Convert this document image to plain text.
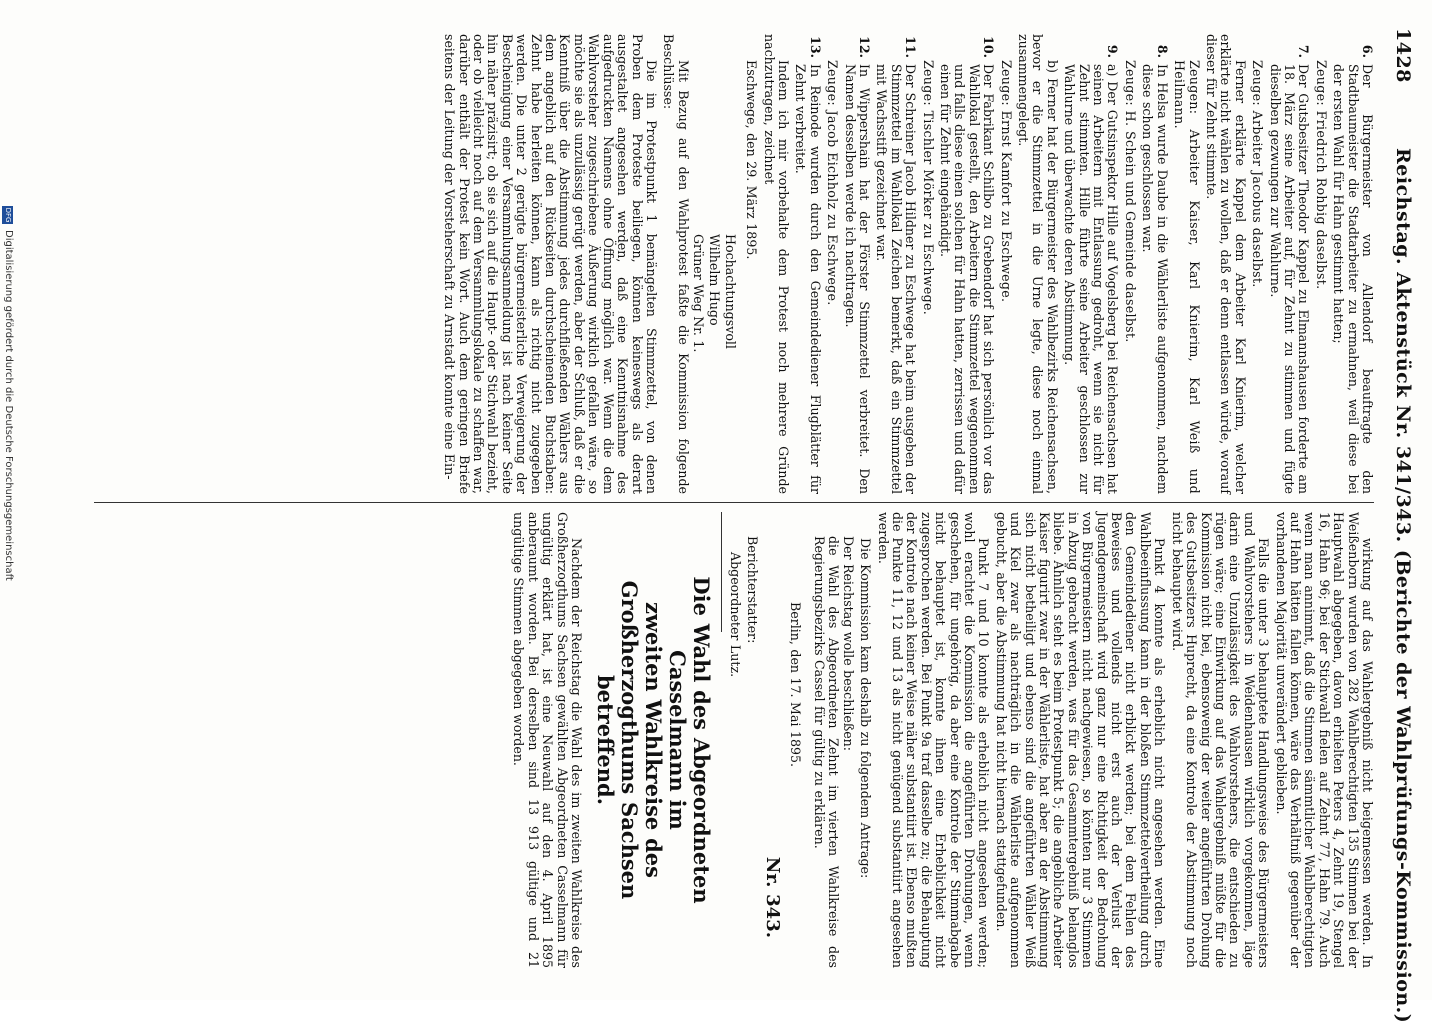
1428
Reichstag. Aktenstück Nr. 341/343. (Berichte der Wahlprüfungs-Kommission.)
6.

Der Bürgermeister von Allendorf beauftragte den Stadtbaumeister die Stadtarbeiter zu ermahnen, weil diese bei der ersten Wahl für Hahn gestimmt hatten;

Zeuge: Friedrich Rohbig daselbst.

7.

Der Gutsbesitzer Theodor Kappel zu Elmannshausen forderte am 18. März seine Arbeiter auf, für Zehnt zu stimmen und fügte dieselben gezwungen zur Wahlurne.

Zeuge: Arbeiter Jacobus daselbst.

Ferner erklärte Kappel dem Arbeiter Karl Knierim, welcher erklärte nicht wählen zu wollen, daß er denn entlassen würde, worauf dieser für Zehnt stimmte.

Zeugen: Arbeiter Kaiser, Karl Knierim, Karl Weiß und Heilmann.

8.

In Helsa wurde Daube in die Wählerliste aufgenommen, nachdem diese schon geschlossen war.

Zeuge: H. Schein und Gemeinde daselbst.

9.

a) Der Gutsinspektor Hille auf Vogelsberg bei Reichensachsen hat seinen Arbeitern mit Entlassung gedroht, wenn sie nicht für Zehnt stimmten. Hille führte seine Arbeiter geschlossen zur Wahlurne und überwachte deren Abstimmung.

b) Ferner hat der Bürgermeister des Wahlbezirks Reichensachsen, bevor er die Stimmzettel in die Urne legte, diese noch einmal zusammengelegt.

Zeuge: Ernst Kamfort zu Eschwege.

10.

Der Fabrikant Schilbo zu Grebendorf hat sich persönlich vor das Wahllokal gestellt, den Arbeitern die Stimmzettel weggenommen und falls diese einen solchen für Hahn hatten, zerrissen und dafür einen für Zehnt eingehändigt.

Zeuge: Tischler Mörker zu Eschwege.

11.

Der Schreiner Jacob Hildner zu Eschwege hat beim ausgeben der Stimmzettel im Wahllokal Zeichen bemerkt, daß ein Stimmzettel mit Wachsstift gezeichnet war.

12.

In Wippershain hat der Förster Stimmzettel verbreitet. Den Namen desselben werde ich nachtragen.

Zeuge: Jacob Eichholz zu Eschwege.

13.

In Reinode wurden durch den Gemeindediener Flugblätter für Zehnt verbreitet.

Indem ich mir vorbehalte dem Protest noch mehrere Gründe nachzutragen, zeichnet

Eschwege, den 29. März 1895.

Hochachtungsvoll
Wilhelm Hugo
Grüner Weg Nr. 1.

Mit Bezug auf den Wahlprotest faßte die Kommission folgende Beschlüsse:

Die im Protestpunkt 1 bemängelten Stimmzettel, von denen Proben dem Proteste beiliegen, können keineswegs als derart ausgestaltet angesehen werden, daß eine Kenntnisnahme des aufgedruckten Namens ohne Öffnung möglich war. Wenn die dem Wahlvorsteher zugeschriebene Äußerung wirklich gefallen wäre, so möchte sie als unzulässig gerügt werden, aber der Schluß, daß er die Kenntniß über die Abstimmung jedes durchfließenden Wählers aus dem angeblich auf den Rückseiten durchscheinenden Buchstaben: Zehnt habe herleiten können, kann als richtig nicht zugegeben werden. Die unter 2 gerügte bürgermeisterliche Verweigerung der Bescheinigung einer Versammlungsanmeldung ist nach keiner Seite hin näher präzisirt; ob sie sich auf die Haupt- oder Stichwahl bezieht, oder ob vielleicht noch auf dem Versammlungslokale zu schaffen war, darüber enthält der Protest kein Wort. Auch dem geringen Briefe seitens der Leitung der Vorsteherschaft zu Arnstadt konnte eine Ein-

wirkung auf das Wahlergebniß nicht beigemessen werden. In Weißenborn wurden von 282 Wahlberechtigten 135 Stimmen bei der Hauptwahl abgegeben, davon erhielten Peters 4, Zehnt 19, Stengel 16, Hahn 96; bei der Stichwahl fielen auf Zehnt 77, Hahn 79. Auch wenn man annimmt, daß die Stimmen sämmtlicher Wahlberechtigten auf Hahn hätten fallen können, wäre das Verhältniß gegenüber der vorhandenen Majorität unverändert geblieben.

Falls die unter 3 behauptete Handlungsweise des Bürgermeisters und Wahlvorstehers in Weidenhausen wirklich vorgekommen, läge darin eine Unzulässigkeit des Wahlvorstehers, die entschieden zu rügen wäre; eine Einwirkung auf das Wahlergebniß müßte für die Kommission nicht bei, ebensowenig der weiter angeführten Drohung des Gutsbesitzers Huprecht, da eine Kontrole der Abstimmung noch nicht behauptet wird.

Punkt 4 konnte als erheblich nicht angesehen werden. Eine Wahlbeeinflussung kann in der bloßen Stimmzettelvertheilung durch den Gemeindediener nicht erblickt werden; bei dem Fehlen des Beweises und vollends nicht erst auch der Verlust der Jugendgemeinschaft wird ganz nur eine Richtigkeit der Bedrohung von Bürgermeistern nicht nachgewiesen, so könnten nur 3 Stimmen in Abzug gebracht werden, was für das Gesammtergebniß belanglos bliebe. Ähnlich steht es beim Protestpunkt 5; die angebliche Arbeiter Kaiser figurirt zwar in der Wählerliste, hat aber an der Abstimmung sich nicht betheiligt und ebenso sind die angeführten Wähler Weiß und Kiel zwar als nachträglich in die Wählerliste aufgenommen gebucht, aber die Abstimmung hat nicht hiernach stattgefunden.

Punkt 7 und 10 konnte als erheblich nicht angesehen werden; wohl erachtet die Kommission die angeführten Drohungen, wenn geschehen, für ungehörig, da aber eine Kontrole der Stimmabgabe nicht behauptet ist, konnte ihnen eine Erheblichkeit nicht zugesprochen werden. Bei Punkt 9a traf dasselbe zu; die Behauptung der Kontrole nach keiner Weise näher substantiirt ist. Ebenso mußten die Punkte 11, 12 und 13 als nicht genügend substantiirt angesehen werden.

Die Kommission kam deshalb zu folgendem Antrage:

Der Reichstag wolle beschließen:
die Wahl des Abgeordneten Zehnt im vierten Wahlkreise des Regierungsbezirks Cassel für gültig zu erklären.

Berlin, den 17. Mai 1895.

Nr. 343.

Berichterstatter:

Abgeordneter Lutz.

Die Wahl des Abgeordneten Casselmann im
zweiten Wahlkreise des Großherzogthums Sachsen
betreffend.

Nachdem der Reichstag die Wahl des im zweiten Wahlkreise des Großherzogthums Sachsen gewählten Abgeordneten Casselmann für ungültig erklärt hat, ist eine Neuwahl auf den 4. April 1895 anberaumt worden. Bei derselben sind 13 913 gültige und 21 ungültige Stimmen abgegeben worden.

DFG
Digitalisierung gefördert durch die Deutsche Forschungsgemeinschaft
